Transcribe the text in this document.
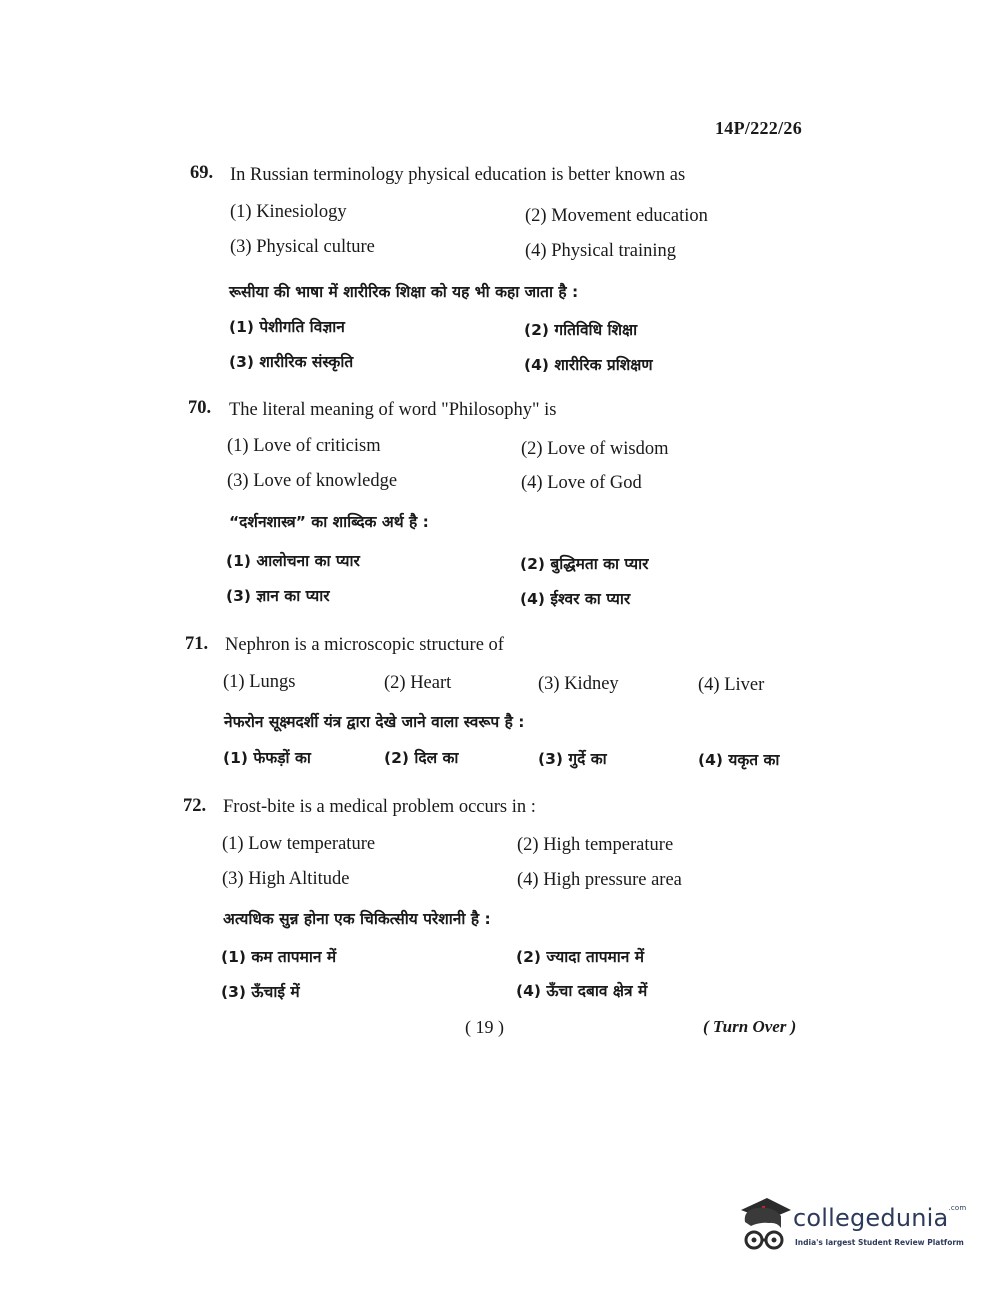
14P/222/26
69. In Russian terminology physical education is better known as
(1) Kinesiology	(2) Movement education
(3) Physical culture	(4) Physical training
रूसीया की भाषा में शारीरिक शिक्षा को यह भी कहा जाता है :
(1) पेशीगति विज्ञान	(2) गतिविधि शिक्षा
(3) शारीरिक संस्कृति	(4) शारीरिक प्रशिक्षण
70. The literal meaning of word "Philosophy" is
(1) Love of criticism	(2) Love of wisdom
(3) Love of knowledge	(4) Love of God
“दर्शनशास्त्र” का शाब्दिक अर्थ है :
(1) आलोचना का प्यार	(2) बुद्धिमता का प्यार
(3) ज्ञान का प्यार	(4) ईश्वर का प्यार
71. Nephron is a microscopic structure of
(1) Lungs	(2) Heart	(3) Kidney	(4) Liver
नेफरोन सूक्ष्मदर्शी यंत्र द्वारा देखे जाने वाला स्वरूप है :
(1) फेफड़ों का	(2) दिल का	(3) गुर्दे का	(4) यकृत का
72. Frost-bite is a medical problem occurs in :
(1) Low temperature	(2) High temperature
(3) High Altitude	(4) High pressure area
अत्यधिक सुन्न होना एक चिकित्सीय परेशानी है :
(1) कम तापमान में	(2) ज्यादा तापमान में
(3) ऊँचाई में	(4) ऊँचा दबाव क्षेत्र में
( 19 )	( Turn Over )
collegedunia$^{.com}$
India's largest Student Review Platform
